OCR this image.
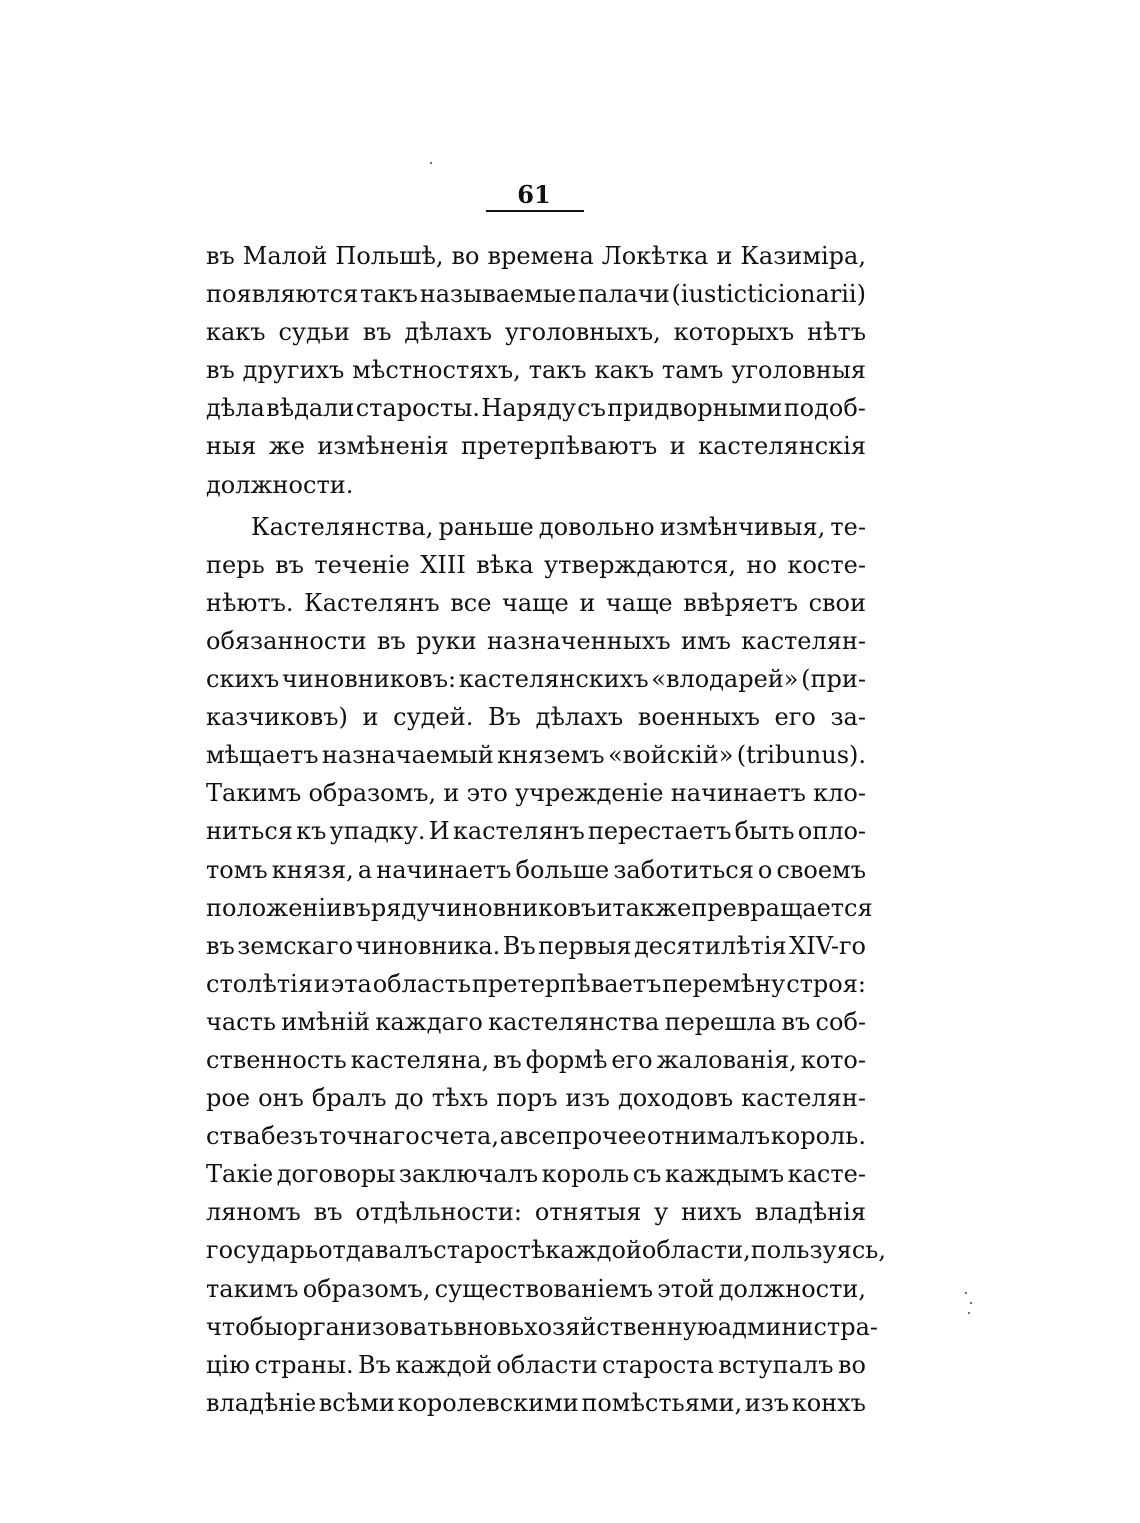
61
въ Малой Польшѣ, во времена Локѣтка и Казиміра,
появляются такъ называемые палачи (iusticticionarii)
какъ судьи въ дѣлахъ уголовныхъ, которыхъ нѣтъ
въ другихъ мѣстностяхъ, такъ какъ тамъ уголовныя
дѣла вѣдали старосты. Наряду съ придворными подоб-
ныя же измѣненія претерпѣваютъ и кастелянскія
должности.
Кастелянства, раньше довольно измѣнчивыя, те-
перь въ теченіе XIII вѣка утверждаются, но костe-
нѣютъ. Кастелянъ все чаще и чаще ввѣряетъ свои
обязанности въ руки назначенныхъ имъ кастелян-
скихъ чиновниковъ: кастелянскихъ «влодарей» (при-
казчиковъ) и судей. Въ дѣлахъ военныхъ его за-
мѣщаетъ назначаемый княземъ «войскій» (tribunus).
Такимъ образомъ, и это учрежденіе начинаетъ кло-
ниться къ упадку. И кастелянъ перестаетъ быть опло-
томъ князя, а начинаетъ больше заботиться о своемъ
положеніи въ ряду чиновниковъ и также превращается
въ земскаго чиновника. Въ первыя десятилѣтія XIV-го
столѣтія и эта область претерпѣваетъ перемѣну строя:
часть имѣній каждаго кастелянства перешла въ соб-
ственность кастеляна, въ формѣ его жалованія, кото-
рое онъ бралъ до тѣхъ поръ изъ доходовъ кастелян-
ства безъ точнаго счета, а все прочее отнималъ король.
Такіе договоры заключалъ король съ каждымъ касте-
ляномъ въ отдѣльности: отнятыя у нихъ владѣнія
государь отдавалъ старостѣ каждой области, пользуясь,
такимъ образомъ, существованіемъ этой должности,
чтобы организовать вновь хозяйственную администра-
цію страны. Въ каждой области староста вступалъ во
владѣніе всѣми королевскими помѣстьями, изъ конхъ
